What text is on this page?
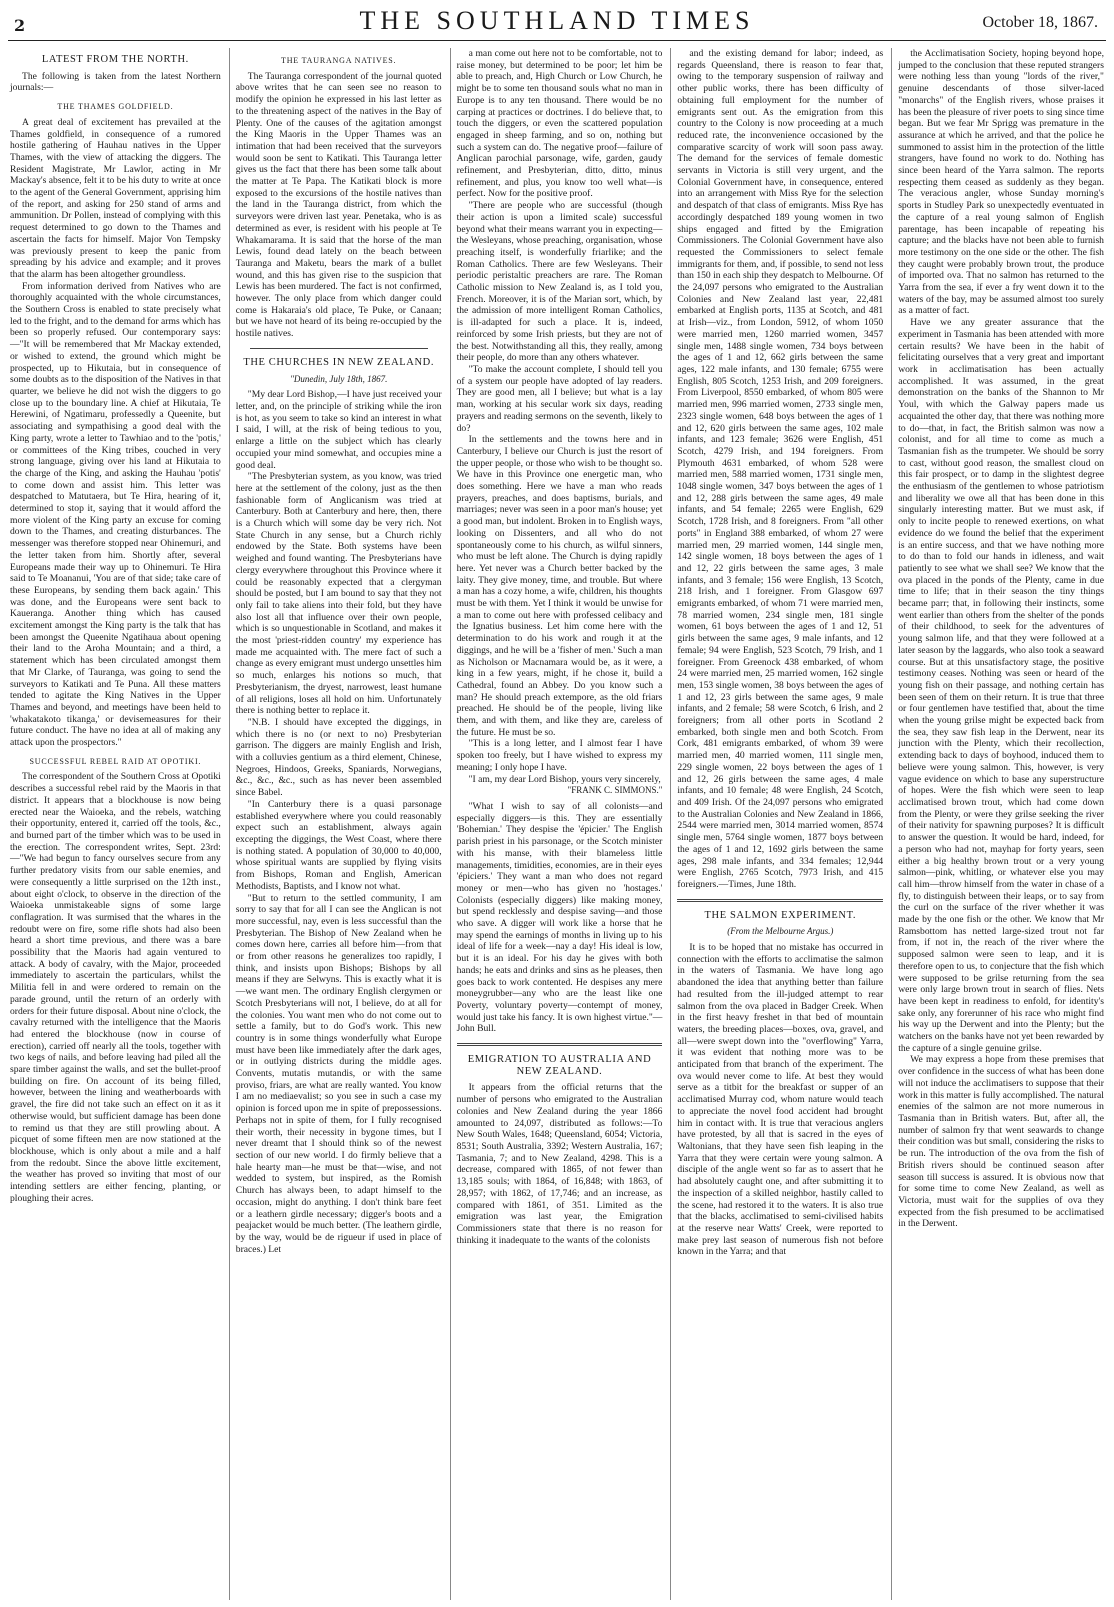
2	THE SOUTHLAND TIMES	October 18, 1867.
LATEST FROM THE NORTH.

The following is taken from the latest Northern journals:—

THE THAMES GOLDFIELD.

A great deal of excitement has prevailed at the Thames goldfield, in consequence of a rumored hostile gathering of Hauhau natives in the Upper Thames, with the view of attacking the diggers. The Resident Magistrate, Mr Lawlor, acting in Mr Mackay's absence, felt it to be his duty to write at once to the agent of the General Government, apprising him of the report, and asking for 250 stand of arms and ammunition. Dr Pollen, instead of complying with this request determined to go down to the Thames and ascertain the facts for himself. Major Von Tempsky was previously present to keep the panic from spreading by his advice and example; and it proves that the alarm has been altogether groundless.

From information derived from Natives who are thoroughly acquainted with the whole circumstances, the Southern Cross is enabled to state precisely what led to the fright, and to the demand for arms which has been so properly refused. Our contemporary says:—"It will be remembered that Mr Mackay extended, or wished to extend, the ground which might be prospected, up to Hikutaia, but in consequence of some doubts as to the disposition of the Natives in that quarter, we believe he did not wish the diggers to go close up to the boundary line. A chief at Hikutaia, Te Herewini, of Ngatimaru, professedly a Queenite, but associating and sympathising a good deal with the King party, wrote a letter to Tawhiao and to the 'potis,' or committees of the King tribes, couched in very strong language, giving over his land at Hikutaia to the charge of the King, and asking the Hauhau 'potis' to come down and assist him. This letter was despatched to Matutaera, but Te Hira, hearing of it, determined to stop it, saying that it would afford the more violent of the King party an excuse for coming down to the Thames, and creating disturbances. The messenger was therefore stopped near Ohinemuri, and the letter taken from him. Shortly after, several Europeans made their way up to Ohinemuri. Te Hira said to Te Moananui, 'You are of that side; take care of these Europeans, by sending them back again.' This was done, and the Europeans were sent back to Kaueranga. Another thing which has caused excitement amongst the King party is the talk that has been amongst the Queenite Ngatihaua about opening their land to the Aroha Mountain; and a third, a statement which has been circulated amongst them that Mr Clarke, of Tauranga, was going to send the surveyors to Katikati and Te Puna. All these matters tended to agitate the King Natives in the Upper Thames and beyond, and meetings have been held to 'whakatakoto tikanga,' or devisemeasures for their future conduct. The have no idea at all of making any attack upon the prospectors."

SUCCESSFUL REBEL RAID AT OPOTIKI.

The correspondent of the Southern Cross at Opotiki describes a successful rebel raid by the Maoris in that district. It appears that a blockhouse is now being erected near the Waioeka, and the rebels, watching their opportunity, entered it, carried off the tools, &c., and burned part of the timber which was to be used in the erection. The correspondent writes, Sept. 23rd:—"We had begun to fancy ourselves secure from any further predatory visits from our sable enemies, and were consequently a little surprised on the 12th inst., about eight o'clock, to observe in the direction of the Waioeka unmistakeable signs of some large conflagration. It was surmised that the whares in the redoubt were on fire, some rifle shots had also been heard a short time previous, and there was a bare possibility that the Maoris had again ventured to attack. A body of cavalry, with the Major, proceeded immediately to ascertain the particulars, whilst the Militia fell in and were ordered to remain on the parade ground, until the return of an orderly with orders for their future disposal. About nine o'clock, the cavalry returned with the intelligence that the Maoris had entered the blockhouse (now in course of erection), carried off nearly all the tools, together with two kegs of nails, and before leaving had piled all the spare timber against the walls, and set the bullet-proof building on fire. On account of its being filled, however, between the lining and weatherboards with gravel, the fire did not take such an effect on it as it otherwise would, but sufficient damage has been done to remind us that they are still prowling about. A picquet of some fifteen men are now stationed at the blockhouse, which is only about a mile and a half from the redoubt. Since the above little excitement, the weather has proved so inviting that most of our intending settlers are either fencing, planting, or ploughing their acres.

THE TAURANGA NATIVES.

The Tauranga correspondent of the journal quoted above writes that he can seen see no reason to modify the opinion he expressed in his last letter as to the threatening aspect of the natives in the Bay of Plenty. One of the causes of the agitation amongst the King Maoris in the Upper Thames was an intimation that had been received that the surveyors would soon be sent to Katikati. This Tauranga letter gives us the fact that there has been some talk about the matter at Te Papa. The Katikati block is more exposed to the excursions of the hostile natives than the land in the Tauranga district, from which the surveyors were driven last year. Penetaka, who is as determined as ever, is resident with his people at Te Whakamarama. It is said that the horse of the man Lewis, found dead lately on the beach between Tauranga and Maketu, bears the mark of a bullet wound, and this has given rise to the suspicion that Lewis has been murdered. The fact is not confirmed, however. The only place from which danger could come is Hakaraia's old place, Te Puke, or Canaan; but we have not heard of its being re-occupied by the hostile natives.

THE CHURCHES IN NEW ZEALAND.
"Dunedin, July 18th, 1867.

"My dear Lord Bishop,—I have just received your letter, and, on the principle of striking while the iron is hot, as you seem to take so kind an interest in what I said, I will, at the risk of being tedious to you, enlarge a little on the subject which has clearly occupied your mind somewhat, and occupies mine a good deal.

"The Presbyterian system, as you know, was tried here at the settlement of the colony, just as the then fashionable form of Anglicanism was tried at Canterbury. Both at Canterbury and here, then, there is a Church which will some day be very rich. Not State Church in any sense, but a Church richly endowed by the State. Both systems have been weighed and found wanting. The Presbyterians have clergy everywhere throughout this Province where it could be reasonably expected that a clergyman should be posted, but I am bound to say that they not only fail to take aliens into their fold, but they have also lost all that influence over their own people, which is so unquestionable in Scotland, and makes it the most 'priest-ridden country' my experience has made me acquainted with. The mere fact of such a change as every emigrant must undergo unsettles him so much, enlarges his notions so much, that Presbyterianism, the dryest, narrowest, least humane of all religions, loses all hold on him. Unfortunately there is nothing better to replace it.

"N.B. I should have excepted the diggings, in which there is no (or next to no) Presbyterian garrison. The diggers are mainly English and Irish, with a colluvies gentium as a third element, Chinese, Negroes, Hindoos, Greeks, Spaniards, Norwegians, &c., &c., &c., such as has never been assembled since Babel.

"In Canterbury there is a quasi parsonage established everywhere where you could reasonably expect such an establishment, always again excepting the diggings, the West Coast, where there is nothing stated. A population of 30,000 to 40,000, whose spiritual wants are supplied by flying visits from Bishops, Roman and English, American Methodists, Baptists, and I know not what.

"But to return to the settled community, I am sorry to say that for all I can see the Anglican is not more successful, nay, even is less successful than the Presbyterian. The Bishop of New Zealand when he comes down here, carries all before him—from that or from other reasons he generalizes too rapidly, I think, and insists upon Bishops; Bishops by all means if they are Selwyns. This is exactly what it is—we want men. The ordinary English clergymen or Scotch Presbyterians will not, I believe, do at all for the colonies. You want men who do not come out to settle a family, but to do God's work. This new country is in some things wonderfully what Europe must have been like immediately after the dark ages, or in outlying districts during the middle ages. Convents, mutatis mutandis, or with the same proviso, friars, are what are really wanted. You know I am no mediaevalist; so you see in such a case my opinion is forced upon me in spite of prepossessions. Perhaps not in spite of them, for I fully recognised their worth, their necessity in bygone times, but I never dreamt that I should think so of the newest section of our new world. I do firmly believe that a hale hearty man—he must be that—wise, and not wedded to system, but inspired, as the Romish Church has always been, to adapt himself to the occasion, might do anything. I don't think bare feet or a leathern girdle necessary; digger's boots and a peajacket would be much better. (The leathern girdle, by the way, would be de rigueur if used in place of braces.) Let

a man come out here not to be comfortable, not to raise money, but determined to be poor; let him be able to preach, and, High Church or Low Church, he might be to some ten thousand souls what no man in Europe is to any ten thousand. There would be no carping at practices or doctrines. I do believe that, to touch the diggers, or even the scattered population engaged in sheep farming, and so on, nothing but such a system can do. The negative proof—failure of Anglican parochial parsonage, wife, garden, gaudy refinement, and Presbyterian, ditto, ditto, minus refinement, and plus, you know too well what—is perfect. Now for the positive proof.

"There are people who are successful (though their action is upon a limited scale) successful beyond what their means warrant you in expecting—the Wesleyans, whose preaching, organisation, whose preaching itself, is wonderfully friarlike; and the Roman Catholics. There are few Wesleyans. Their periodic peristaltic preachers are rare. The Roman Catholic mission to New Zealand is, as I told you, French. Moreover, it is of the Marian sort, which, by the admission of more intelligent Roman Catholics, is ill-adapted for such a place. It is, indeed, reinforced by some Irish priests, but they are not of the best. Notwithstanding all this, they really, among their people, do more than any others whatever.

"To make the account complete, I should tell you of a system our people have adopted of lay readers. They are good men, all I believe; but what is a lay man, working at his secular work six days, reading prayers and reading sermons on the seventh, likely to do?

In the settlements and the towns here and in Canterbury, I believe our Church is just the resort of the upper people, or those who wish to be thought so. We have in this Province one energetic man, who does something. Here we have a man who reads prayers, preaches, and does baptisms, burials, and marriages; never was seen in a poor man's house; yet a good man, but indolent. Broken in to English ways, looking on Dissenters, and all who do not spontaneously come to his church, as wilful sinners, who must be left alone. The Church is dying rapidly here. Yet never was a Church better backed by the laity. They give money, time, and trouble. But where a man has a cozy home, a wife, children, his thoughts must be with them. Yet I think it would be unwise for a man to come out here with professed celibacy and the Ignatius business. Let him come here with the determination to do his work and rough it at the diggings, and he will be a 'fisher of men.' Such a man as Nicholson or Macnamara would be, as it were, a king in a few years, might, if he chose it, build a Cathedral, found an Abbey. Do you know such a man? He should preach extempore, as the old friars preached. He should be of the people, living like them, and with them, and like they are, careless of the future. He must be so.

"This is a long letter, and I almost fear I have spoken too freely, but I have wished to express my meaning; I only hope I have.

"I am, my dear Lord Bishop, yours very sincerely,

"FRANK C. SIMMONS."

"What I wish to say of all colonists—and especially diggers—is this. They are essentially 'Bohemian.' They despise the 'épicier.' The English parish priest in his parsonage, or the Scotch minister with his manse, with their blameless little managements, timidities, economies, are in their eyes 'épiciers.' They want a man who does not regard money or men—who has given no 'hostages.' Colonists (especially diggers) like making money, but spend recklessly and despise saving—and those who save. A digger will work like a horse that he may spend the earnings of months in living up to his ideal of life for a week—nay a day! His ideal is low, but it is an ideal. For his day he gives with both hands; he eats and drinks and sins as he pleases, then goes back to work contented. He despises any mere moneygrubber—any who are the least like one Poverty, voluntary poverty—contempt of money, would just take his fancy. It is own highest virtue."—John Bull.

EMIGRATION TO AUSTRALIA AND NEW ZEALAND.

It appears from the official returns that the number of persons who emigrated to the Australian colonies and New Zealand during the year 1866 amounted to 24,097, distributed as follows:—To New South Wales, 1648; Queensland, 6054; Victoria, 8531; South Australia, 3392; Western Australia, 167; Tasmania, 7; and to New Zealand, 4298. This is a decrease, compared with 1865, of not fewer than 13,185 souls; with 1864, of 16,848; with 1863, of 28,957; with 1862, of 17,746; and an increase, as compared with 1861, of 351. Limited as the emigration was last year, the Emigration Commissioners state that there is no reason for thinking it inadequate to the wants of the colonists

and the existing demand for labor; indeed, as regards Queensland, there is reason to fear that, owing to the temporary suspension of railway and other public works, there has been difficulty of obtaining full employment for the number of emigrants sent out. As the emigration from this country to the Colony is now proceeding at a much reduced rate, the inconvenience occasioned by the comparative scarcity of work will soon pass away. The demand for the services of female domestic servants in Victoria is still very urgent, and the Colonial Government have, in consequence, entered into an arrangement with Miss Rye for the selection and despatch of that class of emigrants. Miss Rye has accordingly despatched 189 young women in two ships engaged and fitted by the Emigration Commissioners. The Colonial Government have also requested the Commissioners to select female immigrants for them, and, if possible, to send not less than 150 in each ship they despatch to Melbourne. Of the 24,097 persons who emigrated to the Australian Colonies and New Zealand last year, 22,481 embarked at English ports, 1135 at Scotch, and 481 at Irish—viz., from London, 5912, of whom 1050 were married men, 1260 married women, 3457 single men, 1488 single women, 734 boys between the ages of 1 and 12, 662 girls between the same ages, 122 male infants, and 130 female; 6755 were English, 805 Scotch, 1253 Irish, and 209 foreigners. From Liverpool, 8550 embarked, of whom 805 were married men, 996 married women, 2733 single men, 2323 single women, 648 boys between the ages of 1 and 12, 620 girls between the same ages, 102 male infants, and 123 female; 3626 were English, 451 Scotch, 4279 Irish, and 194 foreigners. From Plymouth 4631 embarked, of whom 528 were married men, 588 married women, 1731 single men, 1048 single women, 347 boys between the ages of 1 and 12, 288 girls between the same ages, 49 male infants, and 54 female; 2265 were English, 629 Scotch, 1728 Irish, and 8 foreigners. From "all other ports" in England 388 embarked, of whom 27 were married men, 29 married women, 144 single men, 142 single women, 18 boys between the ages of 1 and 12, 22 girls between the same ages, 3 male infants, and 3 female; 156 were English, 13 Scotch, 218 Irish, and 1 foreigner. From Glasgow 697 emigrants embarked, of whom 71 were married men, 78 married women, 234 single men, 181 single women, 61 boys between the ages of 1 and 12, 51 girls between the same ages, 9 male infants, and 12 female; 94 were English, 523 Scotch, 79 Irish, and 1 foreigner. From Greenock 438 embarked, of whom 24 were married men, 25 married women, 162 single men, 153 single women, 38 boys between the ages of 1 and 12, 23 girls between the same ages, 9 male infants, and 2 female; 58 were Scotch, 6 Irish, and 2 foreigners; from all other ports in Scotland 2 embarked, both single men and both Scotch. From Cork, 481 emigrants embarked, of whom 39 were married men, 40 married women, 111 single men, 229 single women, 22 boys between the ages of 1 and 12, 26 girls between the same ages, 4 male infants, and 10 female; 48 were English, 24 Scotch, and 409 Irish. Of the 24,097 persons who emigrated to the Australian Colonies and New Zealand in 1866, 2544 were married men, 3014 married women, 8574 single men, 5764 single women, 1877 boys between the ages of 1 and 12, 1692 girls between the same ages, 298 male infants, and 334 females; 12,944 were English, 2765 Scotch, 7973 Irish, and 415 foreigners.—Times, June 18th.

THE SALMON EXPERIMENT.
(From the Melbourne Argus.)

It is to be hoped that no mistake has occurred in connection with the efforts to acclimatise the salmon in the waters of Tasmania. We have long ago abandoned the idea that anything better than failure had resulted from the ill-judged attempt to rear salmon from the ova placed in Badger Creek. When in the first heavy freshet in that bed of mountain waters, the breeding places—boxes, ova, gravel, and all—were swept down into the "overflowing" Yarra, it was evident that nothing more was to be anticipated from that branch of the experiment. The ova would never come to life. At best they would serve as a titbit for the breakfast or supper of an acclimatised Murray cod, whom nature would teach to appreciate the novel food accident had brought him in contact with. It is true that veracious anglers have protested, by all that is sacred in the eyes of Waltonians, that they have seen fish leaping in the Yarra that they were certain were young salmon. A disciple of the angle went so far as to assert that he had absolutely caught one, and after submitting it to the inspection of a skilled neighbor, hastily called to the scene, had restored it to the waters. It is also true that the blacks, acclimatised to semi-civilised habits at the reserve near Watts' Creek, were reported to make prey last season of numerous fish not before known in the Yarra; and that

the Acclimatisation Society, hoping beyond hope, jumped to the conclusion that these reputed strangers were nothing less than young "lords of the river," genuine descendants of those silver-laced "monarchs" of the English rivers, whose praises it has been the pleasure of river poets to sing since time began. But we fear Mr Sprigg was premature in the assurance at which he arrived, and that the police he summoned to assist him in the protection of the little strangers, have found no work to do. Nothing has since been heard of the Yarra salmon. The reports respecting them ceased as suddenly as they began. The veracious angler, whose Sunday morning's sports in Studley Park so unexpectedly eventuated in the capture of a real young salmon of English parentage, has been incapable of repeating his capture; and the blacks have not been able to furnish more testimony on the one side or the other. The fish they caught were probably brown trout, the produce of imported ova. That no salmon has returned to the Yarra from the sea, if ever a fry went down it to the waters of the bay, may be assumed almost too surely as a matter of fact.

Have we any greater assurance that the experiment in Tasmania has been attended with more certain results? We have been in the habit of felicitating ourselves that a very great and important work in acclimatisation has been actually accomplished. It was assumed, in the great demonstration on the banks of the Shannon to Mr Youl, with which the Galway papers made us acquainted the other day, that there was nothing more to do—that, in fact, the British salmon was now a colonist, and for all time to come as much a Tasmanian fish as the trumpeter. We should be sorry to cast, without good reason, the smallest cloud on this fair prospect, or to damp in the slightest degree the enthusiasm of the gentlemen to whose patriotism and liberality we owe all that has been done in this singularly interesting matter. But we must ask, if only to incite people to renewed exertions, on what evidence do we found the belief that the experiment is an entire success, and that we have nothing more to do than to fold our hands in idleness, and wait patiently to see what we shall see? We know that the ova placed in the ponds of the Plenty, came in due time to life; that in their season the tiny things became parr; that, in following their instincts, some went earlier than others from the shelter of the ponds of their childhood, to seek for the adventures of young salmon life, and that they were followed at a later season by the laggards, who also took a seaward course. But at this unsatisfactory stage, the positive testimony ceases. Nothing was seen or heard of the young fish on their passage, and nothing certain has been seen of them on their return. It is true that three or four gentlemen have testified that, about the time when the young grilse might be expected back from the sea, they saw fish leap in the Derwent, near its junction with the Plenty, which their recollection, extending back to days of boyhood, induced them to believe were young salmon. This, however, is very vague evidence on which to base any superstructure of hopes. Were the fish which were seen to leap acclimatised brown trout, which had come down from the Plenty, or were they grilse seeking the river of their nativity for spawning purposes? It is difficult to answer the question. It would be hard, indeed, for a person who had not, mayhap for forty years, seen either a big healthy brown trout or a very young salmon—pink, whitling, or whatever else you may call him—throw himself from the water in chase of a fly, to distinguish between their leaps, or to say from the curl on the surface of the river whether it was made by the one fish or the other. We know that Mr Ramsbottom has netted large-sized trout not far from, if not in, the reach of the river where the supposed salmon were seen to leap, and it is therefore open to us, to conjecture that the fish which were supposed to be grilse returning from the sea were only large brown trout in search of flies. Nets have been kept in readiness to enfold, for identity's sake only, any forerunner of his race who might find his way up the Derwent and into the Plenty; but the watchers on the banks have not yet been rewarded by the capture of a single genuine grilse.

We may express a hope from these premises that over confidence in the success of what has been done will not induce the acclimatisers to suppose that their work in this matter is fully accomplished. The natural enemies of the salmon are not more numerous in Tasmania than in British waters. But, after all, the number of salmon fry that went seawards to change their condition was but small, considering the risks to be run. The introduction of the ova from the fish of British rivers should be continued season after season till success is assured. It is obvious now that for some time to come New Zealand, as well as Victoria, must wait for the supplies of ova they expected from the fish presumed to be acclimatised in the Derwent.
